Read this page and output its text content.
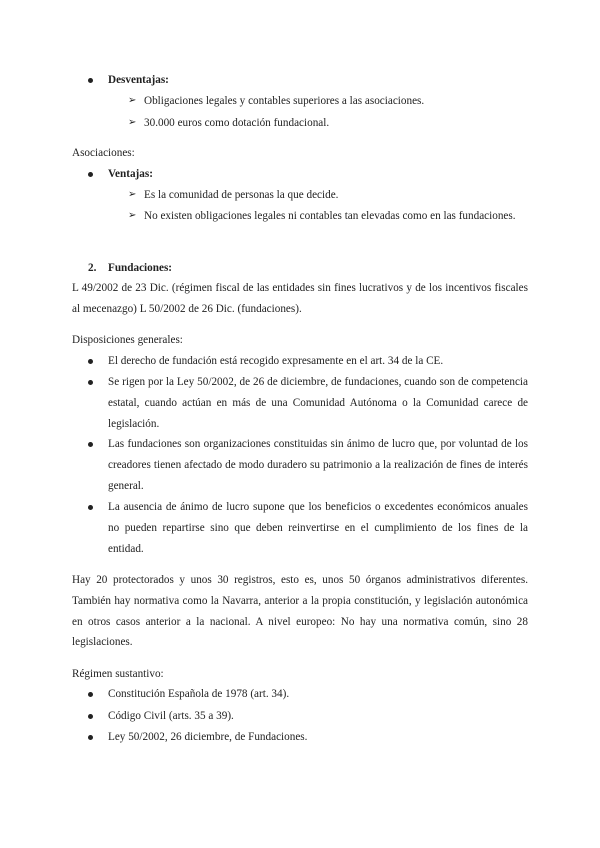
Desventajas:
➢ Obligaciones legales y contables superiores a las asociaciones.
➢ 30.000 euros como dotación fundacional.

Asociaciones:

Ventajas:
➢ Es la comunidad de personas la que decide.
➢ No existen obligaciones legales ni contables tan elevadas como en las fundaciones.
2. Fundaciones:

L 49/2002 de 23 Dic. (régimen fiscal de las entidades sin fines lucrativos y de los incentivos fiscales al mecenazgo) L 50/2002 de 26 Dic. (fundaciones).

Disposiciones generales:

El derecho de fundación está recogido expresamente en el art. 34 de la CE.
Se rigen por la Ley 50/2002, de 26 de diciembre, de fundaciones, cuando son de competencia estatal, cuando actúan en más de una Comunidad Autónoma o la Comunidad carece de legislación.
Las fundaciones son organizaciones constituidas sin ánimo de lucro que, por voluntad de los creadores tienen afectado de modo duradero su patrimonio a la realización de fines de interés general.
La ausencia de ánimo de lucro supone que los beneficios o excedentes económicos anuales no pueden repartirse sino que deben reinvertirse en el cumplimiento de los fines de la entidad.

Hay 20 protectorados y unos 30 registros, esto es, unos 50 órganos administrativos diferentes. También hay normativa como la Navarra, anterior a la propia constitución, y legislación autonómica en otros casos anterior a la nacional. A nivel europeo: No hay una normativa común, sino 28 legislaciones.

Régimen sustantivo:

Constitución Española de 1978 (art. 34).
Código Civil (arts. 35 a 39).
Ley 50/2002, 26 diciembre, de Fundaciones.
